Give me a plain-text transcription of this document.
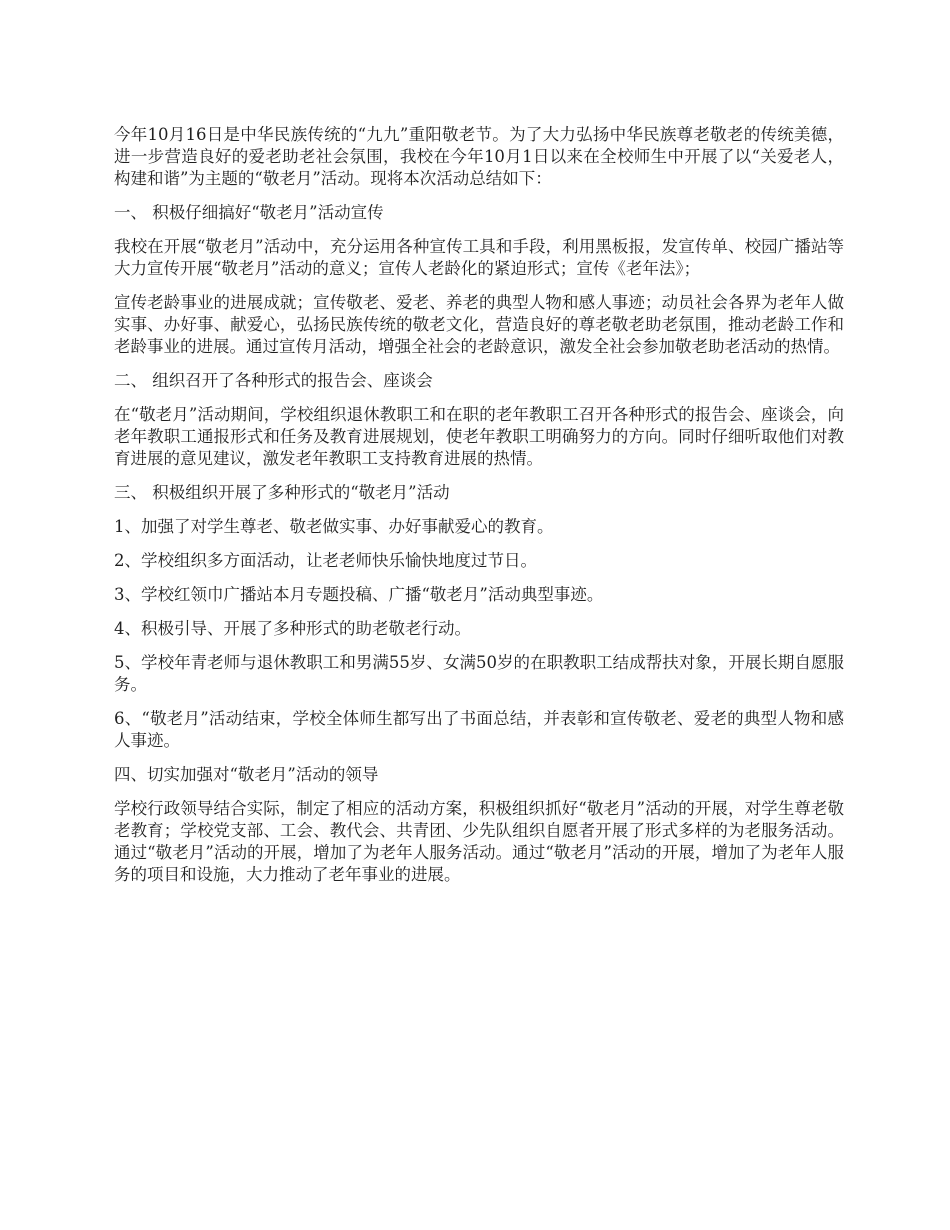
今年10月16日是中华民族传统的“九九”重阳敬老节。为了大力弘扬中华民族尊老敬老的传统美德，进一步营造良好的爱老助老社会氛围，我校在今年10月1日以来在全校师生中开展了以“关爱老人，构建和谐”为主题的“敬老月”活动。现将本次活动总结如下：

一、 积极仔细搞好“敬老月”活动宣传

我校在开展“敬老月”活动中，充分运用各种宣传工具和手段，利用黑板报，发宣传单、校园广播站等大力宣传开展“敬老月”活动的意义；宣传人老龄化的紧迫形式；宣传《老年法》；

宣传老龄事业的进展成就；宣传敬老、爱老、养老的典型人物和感人事迹；动员社会各界为老年人做实事、办好事、献爱心，弘扬民族传统的敬老文化，营造良好的尊老敬老助老氛围，推动老龄工作和老龄事业的进展。通过宣传月活动，增强全社会的老龄意识，激发全社会参加敬老助老活动的热情。

二、 组织召开了各种形式的报告会、座谈会

在“敬老月”活动期间，学校组织退休教职工和在职的老年教职工召开各种形式的报告会、座谈会，向老年教职工通报形式和任务及教育进展规划，使老年教职工明确努力的方向。同时仔细听取他们对教育进展的意见建议，激发老年教职工支持教育进展的热情。

三、 积极组织开展了多种形式的“敬老月”活动

1、加强了对学生尊老、敬老做实事、办好事献爱心的教育。

2、学校组织多方面活动，让老老师快乐愉快地度过节日。

3、学校红领巾广播站本月专题投稿、广播“敬老月”活动典型事迹。

4、积极引导、开展了多种形式的助老敬老行动。

5、学校年青老师与退休教职工和男满55岁、女满50岁的在职教职工结成帮扶对象，开展长期自愿服务。

6、“敬老月”活动结束，学校全体师生都写出了书面总结，并表彰和宣传敬老、爱老的典型人物和感人事迹。

四、切实加强对“敬老月”活动的领导

学校行政领导结合实际，制定了相应的活动方案，积极组织抓好“敬老月”活动的开展，对学生尊老敬老教育；学校党支部、工会、教代会、共青团、少先队组织自愿者开展了形式多样的为老服务活动。通过“敬老月”活动的开展，增加了为老年人服务活动。通过“敬老月”活动的开展，增加了为老年人服务的项目和设施，大力推动了老年事业的进展。
